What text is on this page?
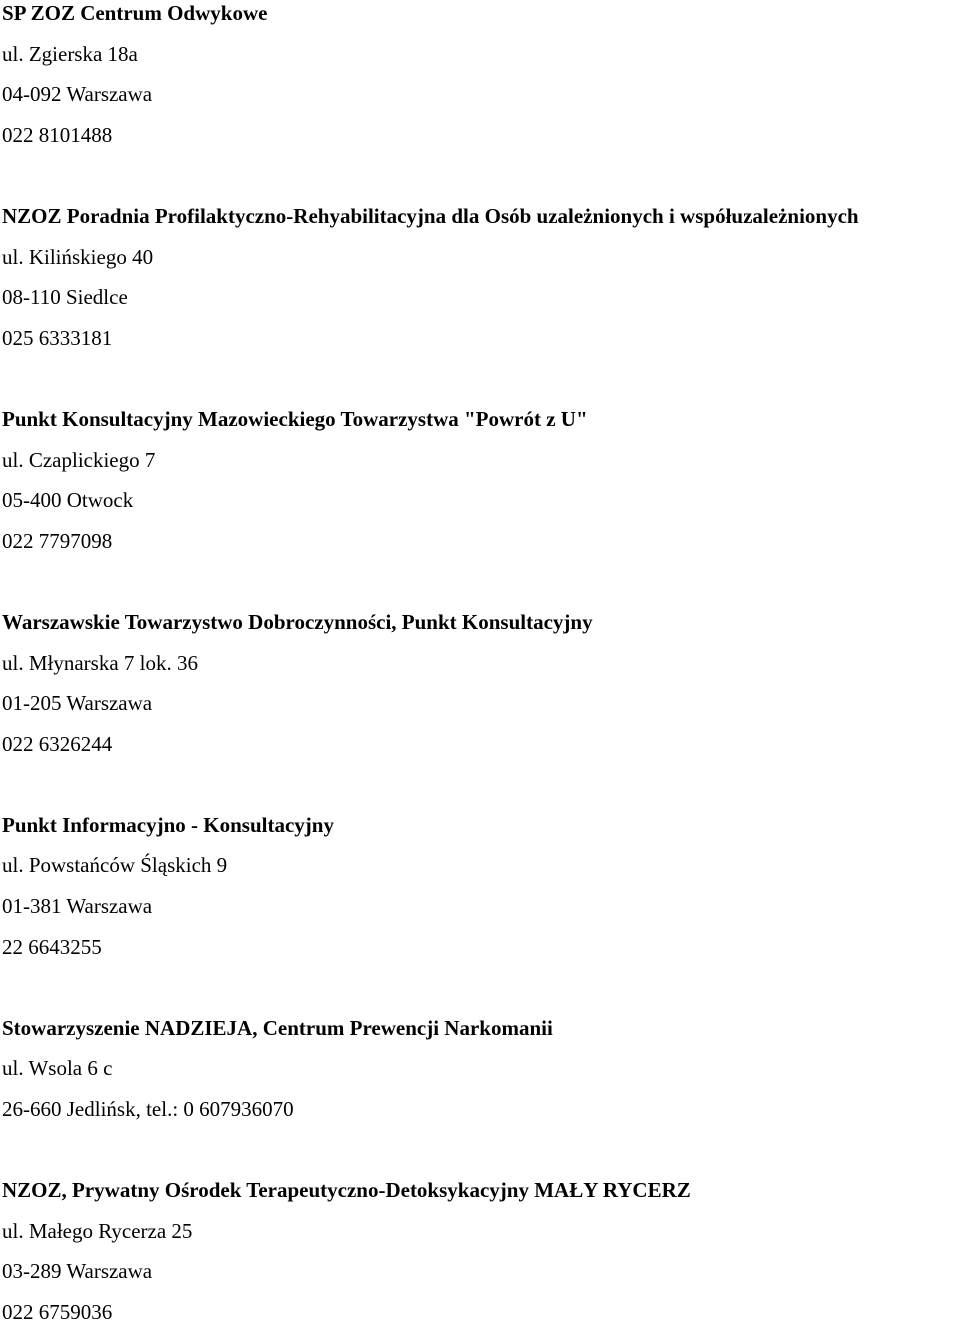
SP ZOZ Centrum Odwykowe
ul. Zgierska 18a
04-092 Warszawa
022 8101488
NZOZ Poradnia Profilaktyczno-Rehyabilitacyjna dla Osób uzależnionych i współuzależnionych
ul. Kilińskiego 40
08-110 Siedlce
025 6333181
Punkt Konsultacyjny Mazowieckiego Towarzystwa "Powrót z U"
ul. Czaplickiego 7
05-400 Otwock
022 7797098
Warszawskie Towarzystwo Dobroczynności, Punkt Konsultacyjny
ul. Młynarska 7 lok. 36
01-205 Warszawa
022 6326244
Punkt Informacyjno - Konsultacyjny
ul. Powstańców Śląskich 9
01-381 Warszawa
22 6643255
Stowarzyszenie NADZIEJA, Centrum Prewencji Narkomanii
ul. Wsola 6 c
26-660 Jedlińsk, tel.: 0 607936070
NZOZ, Prywatny Ośrodek Terapeutyczno-Detoksykacyjny MAŁY RYCERZ
ul. Małego Rycerza 25
03-289 Warszawa
022 6759036
